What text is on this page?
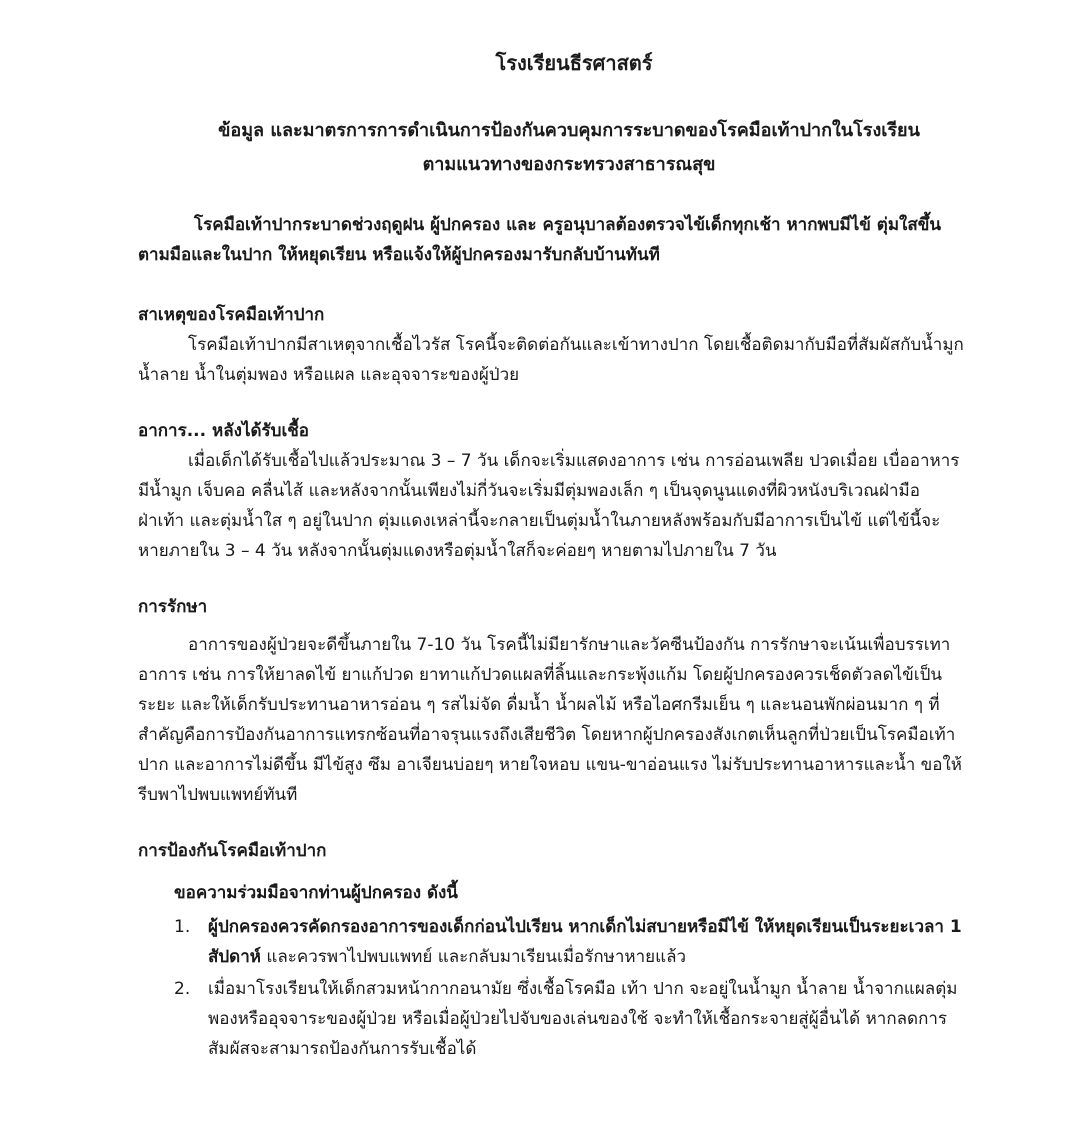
โรงเรียนธีรศาสตร์
ข้อมูล และมาตรการการดำเนินการป้องกันควบคุมการระบาดของโรคมือเท้าปากในโรงเรียน
ตามแนวทางของกระทรวงสาธารณสุข

โรคมือเท้าปากระบาดช่วงฤดูฝน ผู้ปกครอง และ ครูอนุบาลต้องตรวจไข้เด็กทุกเช้า หากพบมีไข้ ตุ่มใสขึ้นตามมือและในปาก ให้หยุดเรียน หรือแจ้งให้ผู้ปกครองมารับกลับบ้านทันที

สาเหตุของโรคมือเท้าปาก

โรคมือเท้าปากมีสาเหตุจากเชื้อไวรัส โรคนี้จะติดต่อกันและเข้าทางปาก โดยเชื้อติดมากับมือที่สัมผัสกับน้ำมูก น้ำลาย น้ำในตุ่มพอง หรือแผล และอุจจาระของผู้ป่วย

อาการ... หลังได้รับเชื้อ

เมื่อเด็กได้รับเชื้อไปแล้วประมาณ 3 – 7 วัน เด็กจะเริ่มแสดงอาการ เช่น การอ่อนเพลีย ปวดเมื่อย เบื่ออาหาร มีน้ำมูก เจ็บคอ คลื่นไส้ และหลังจากนั้นเพียงไม่กี่วันจะเริ่มมีตุ่มพองเล็ก ๆ เป็นจุดนูนแดงที่ผิวหนังบริเวณฝ่ามือ ฝ่าเท้า และตุ่มน้ำใส ๆ อยู่ในปาก ตุ่มแดงเหล่านี้จะกลายเป็นตุ่มน้ำในภายหลังพร้อมกับมีอาการเป็นไข้ แต่ไข้นี้จะหายภายใน 3 – 4 วัน หลังจากนั้นตุ่มแดงหรือตุ่มน้ำใสก็จะค่อยๆ หายตามไปภายใน 7 วัน

การรักษา

อาการของผู้ป่วยจะดีขึ้นภายใน 7-10 วัน โรคนี้ไม่มียารักษาและวัคซีนป้องกัน การรักษาจะเน้นเพื่อบรรเทาอาการ เช่น การให้ยาลดไข้ ยาแก้ปวด ยาทาแก้ปวดแผลที่ลิ้นและกระพุ้งแก้ม โดยผู้ปกครองควรเช็ดตัวลดไข้เป็นระยะ และให้เด็กรับประทานอาหารอ่อน ๆ รสไม่จัด ดื่มน้ำ น้ำผลไม้ หรือไอศกรีมเย็น ๆ และนอนพักผ่อนมาก ๆ ที่สำคัญคือการป้องกันอาการแทรกซ้อนที่อาจรุนแรงถึงเสียชีวิต โดยหากผู้ปกครองสังเกตเห็นลูกที่ป่วยเป็นโรคมือเท้าปาก และอาการไม่ดีขึ้น มีไข้สูง ซึม อาเจียนบ่อยๆ หายใจหอบ แขน-ขาอ่อนแรง ไม่รับประทานอาหารและน้ำ ขอให้รีบพาไปพบแพทย์ทันที

การป้องกันโรคมือเท้าปาก

ขอความร่วมมือจากท่านผู้ปกครอง ดังนี้

1.	ผู้ปกครองควรคัดกรองอาการของเด็กก่อนไปเรียน หากเด็กไม่สบายหรือมีไข้ ให้หยุดเรียนเป็นระยะเวลา 1 สัปดาห์ และควรพาไปพบแพทย์ และกลับมาเรียนเมื่อรักษาหายแล้ว
2.	เมื่อมาโรงเรียนให้เด็กสวมหน้ากากอนามัย ซึ่งเชื้อโรคมือ เท้า ปาก จะอยู่ในน้ำมูก น้ำลาย น้ำจากแผลตุ่มพองหรืออุจจาระของผู้ป่วย หรือเมื่อผู้ป่วยไปจับของเล่นของใช้ จะทำให้เชื้อกระจายสู่ผู้อื่นได้ หากลดการสัมผัสจะสามารถป้องกันการรับเชื้อได้
